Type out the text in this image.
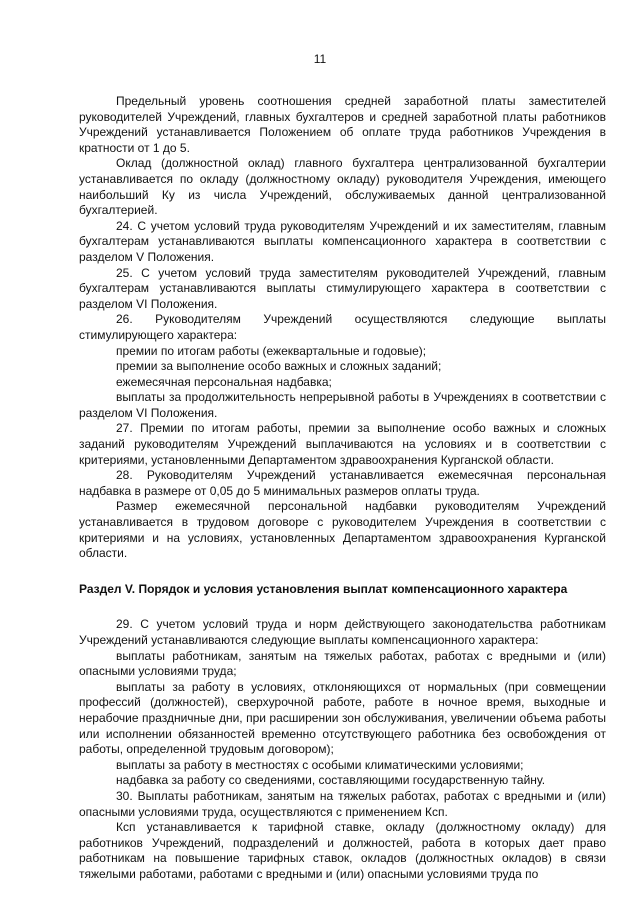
11

Предельный уровень соотношения средней заработной платы заместителей руководителей Учреждений, главных бухгалтеров и средней заработной платы работников Учреждений устанавливается Положением об оплате труда работников Учреждения в кратности от 1 до 5.

Оклад (должностной оклад) главного бухгалтера централизованной бухгалтерии устанавливается по окладу (должностному окладу) руководителя Учреждения, имеющего наибольший Ку из числа Учреждений, обслуживаемых данной централизованной бухгалтерией.

24. С учетом условий труда руководителям Учреждений и их заместителям, главным бухгалтерам устанавливаются выплаты компенсационного характера в соответствии с разделом V Положения.

25. С учетом условий труда заместителям руководителей Учреждений, главным бухгалтерам устанавливаются выплаты стимулирующего характера в соответствии с разделом VI Положения.

26. Руководителям Учреждений осуществляются следующие выплаты стимулирующего характера:

премии по итогам работы (ежеквартальные и годовые);

премии за выполнение особо важных и сложных заданий;

ежемесячная персональная надбавка;

выплаты за продолжительность непрерывной работы в Учреждениях в соответствии с разделом VI Положения.

27. Премии по итогам работы, премии за выполнение особо важных и сложных заданий руководителям Учреждений выплачиваются на условиях и в соответствии с критериями, установленными Департаментом здравоохранения Курганской области.

28. Руководителям Учреждений устанавливается ежемесячная персональная надбавка в размере от 0,05 до 5 минимальных размеров оплаты труда.

Размер ежемесячной персональной надбавки руководителям Учреждений устанавливается в трудовом договоре с руководителем Учреждения в соответствии с критериями и на условиях, установленных Департаментом здравоохранения Курганской области.

Раздел V. Порядок и условия установления выплат компенсационного характера

29. С учетом условий труда и норм действующего законодательства работникам Учреждений устанавливаются следующие выплаты компенсационного характера:

выплаты работникам, занятым на тяжелых работах, работах с вредными и (или) опасными условиями труда;

выплаты за работу в условиях, отклоняющихся от нормальных (при совмещении профессий (должностей), сверхурочной работе, работе в ночное время, выходные и нерабочие праздничные дни, при расширении зон обслуживания, увеличении объема работы или исполнении обязанностей временно отсутствующего работника без освобождения от работы, определенной трудовым договором);

выплаты за работу в местностях с особыми климатическими условиями;

надбавка за работу со сведениями, составляющими государственную тайну.

30. Выплаты работникам, занятым на тяжелых работах, работах с вредными и (или) опасными условиями труда, осуществляются с применением Ксп.

Ксп устанавливается к тарифной ставке, окладу (должностному окладу) для работников Учреждений, подразделений и должностей, работа в которых дает право работникам на повышение тарифных ставок, окладов (должностных окладов) в связи тяжелыми работами, работами с вредными и (или) опасными условиями труда по
